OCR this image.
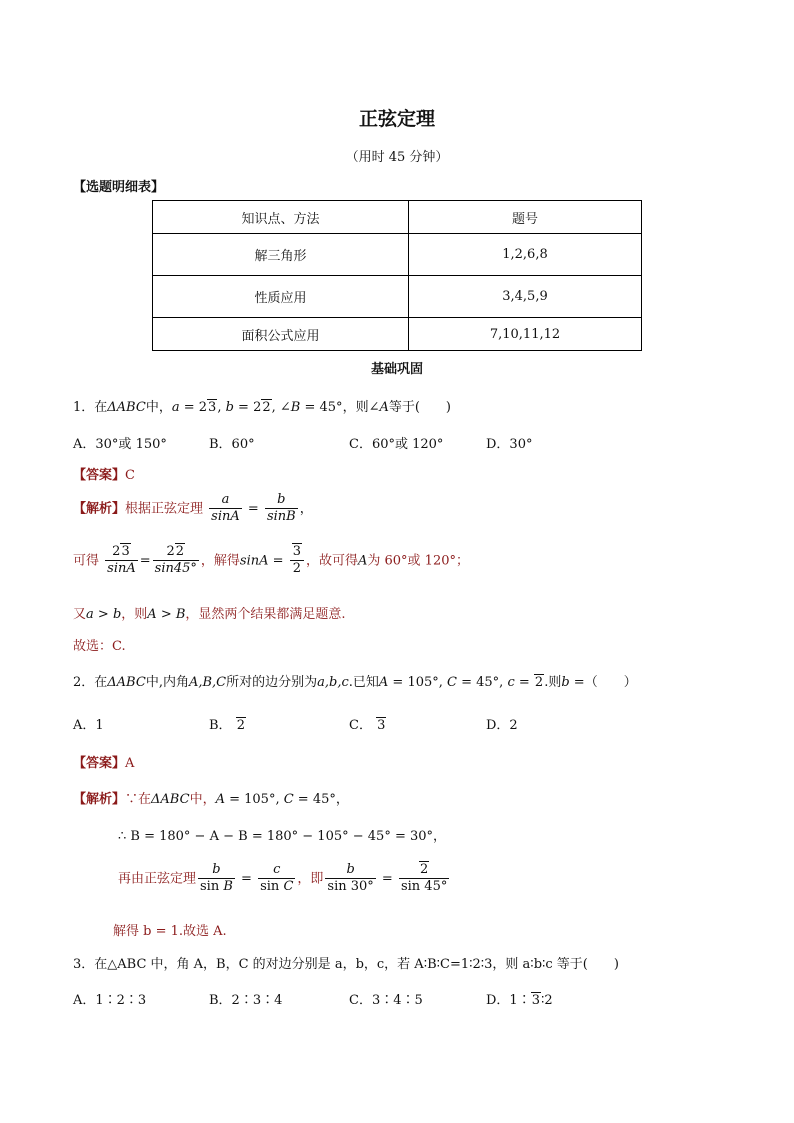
正弦定理
（用时 45 分钟）
【选题明细表】
知识点、方法	题号
解三角形	1,2,6,8
性质应用	3,4,5,9
面积公式应用	7,10,11,12
基础巩固
1．在ΔABC中，a = 23, b = 22, ∠B = 45°，则∠A等于(　　)
A．30°或 150°	B．60°	C．60°或 120°	D．30°
【答案】C
【解析】根据正弦定理 $\frac{a}{\sin A} = \frac{b}{\sin B}$ ，
可得 $\frac{23}{\sin A} = \frac{22}{\sin 45^\circ}$ ，解得$\sin A = \frac{3}{2}$ ，故可得A为 60°或 120°；
又a > b，则A > B，显然两个结果都满足题意.
故选：C.
2．在ΔABC中,内角A,B,C所对的边分别为a,b,c.已知A = 105°, C = 45°, c = 2.则b =（　　）
A．1	B． 2	C． 3	D．2
【答案】A
【解析】∵在ΔABC中，A = 105°, C = 45°，
∴ B = 180° − A − B = 180° − 105° − 45° = 30°，
再由正弦定理 $\frac{b}{\text{sin B}} = \frac{c}{\text{sin C}}$ ，即 $\frac{b}{\sin 30^\circ} = \frac{2}{\sin 45^\circ}$
解得 b = 1.故选 A.
3．在△ABC 中，角 A，B，C 的对边分别是 a，b，c，若 A∶B∶C=1∶2∶3，则 a∶b∶c 等于(　　)
A．1∶2∶3	B．2∶3∶4	C．3∶4∶5	D．1∶3∶2
